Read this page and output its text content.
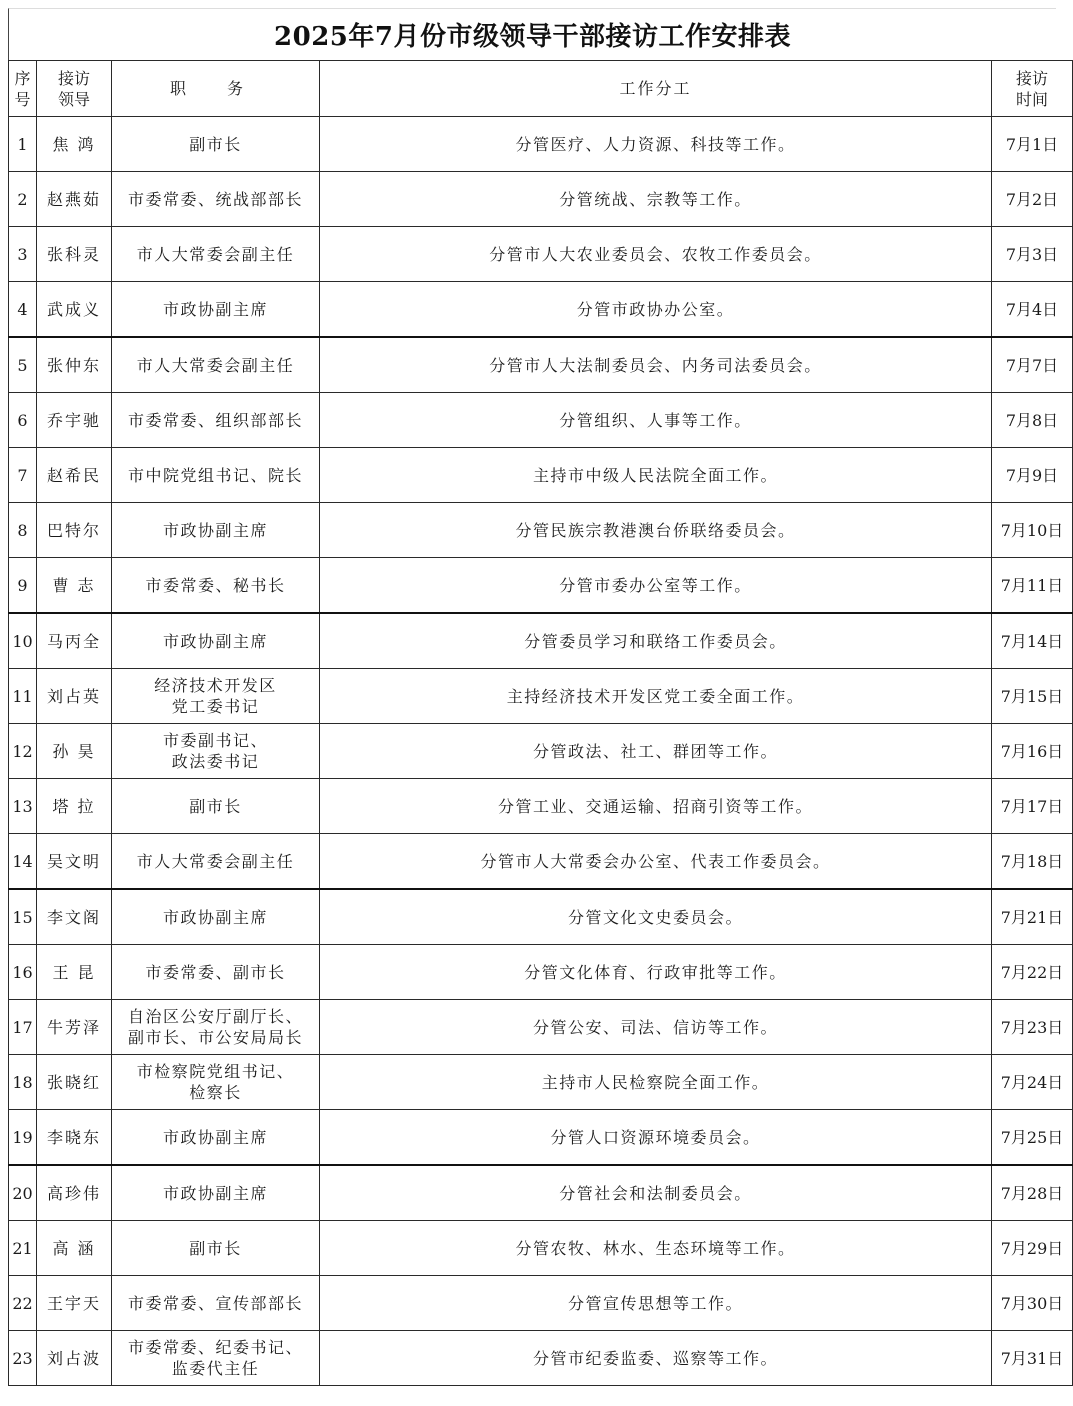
2025年7月份市级领导干部接访工作安排表
序
号	接访
领导	职 务	工作分工	接访
时间

1	焦 鸿	副市长	分管医疗、人力资源、科技等工作。	7月1日
2	赵燕茹	市委常委、统战部部长	分管统战、宗教等工作。	7月2日
3	张科灵	市人大常委会副主任	分管市人大农业委员会、农牧工作委员会。	7月3日
4	武成义	市政协副主席	分管市政协办公室。	7月4日
5	张仲东	市人大常委会副主任	分管市人大法制委员会、内务司法委员会。	7月7日
6	乔宇驰	市委常委、组织部部长	分管组织、人事等工作。	7月8日
7	赵希民	市中院党组书记、院长	主持市中级人民法院全面工作。	7月9日
8	巴特尔	市政协副主席	分管民族宗教港澳台侨联络委员会。	7月10日
9	曹 志	市委常委、秘书长	分管市委办公室等工作。	7月11日
10	马丙全	市政协副主席	分管委员学习和联络工作委员会。	7月14日
11	刘占英	经济技术开发区
党工委书记	主持经济技术开发区党工委全面工作。	7月15日
12	孙 昊	市委副书记、
政法委书记	分管政法、社工、群团等工作。	7月16日
13	塔 拉	副市长	分管工业、交通运输、招商引资等工作。	7月17日
14	吴文明	市人大常委会副主任	分管市人大常委会办公室、代表工作委员会。	7月18日
15	李文阁	市政协副主席	分管文化文史委员会。	7月21日
16	王 昆	市委常委、副市长	分管文化体育、行政审批等工作。	7月22日
17	牛芳泽	自治区公安厅副厅长、
副市长、市公安局局长	分管公安、司法、信访等工作。	7月23日
18	张晓红	市检察院党组书记、
检察长	主持市人民检察院全面工作。	7月24日
19	李晓东	市政协副主席	分管人口资源环境委员会。	7月25日
20	高珍伟	市政协副主席	分管社会和法制委员会。	7月28日
21	高 涵	副市长	分管农牧、林水、生态环境等工作。	7月29日
22	王宇天	市委常委、宣传部部长	分管宣传思想等工作。	7月30日
23	刘占波	市委常委、纪委书记、
监委代主任	分管市纪委监委、巡察等工作。	7月31日
